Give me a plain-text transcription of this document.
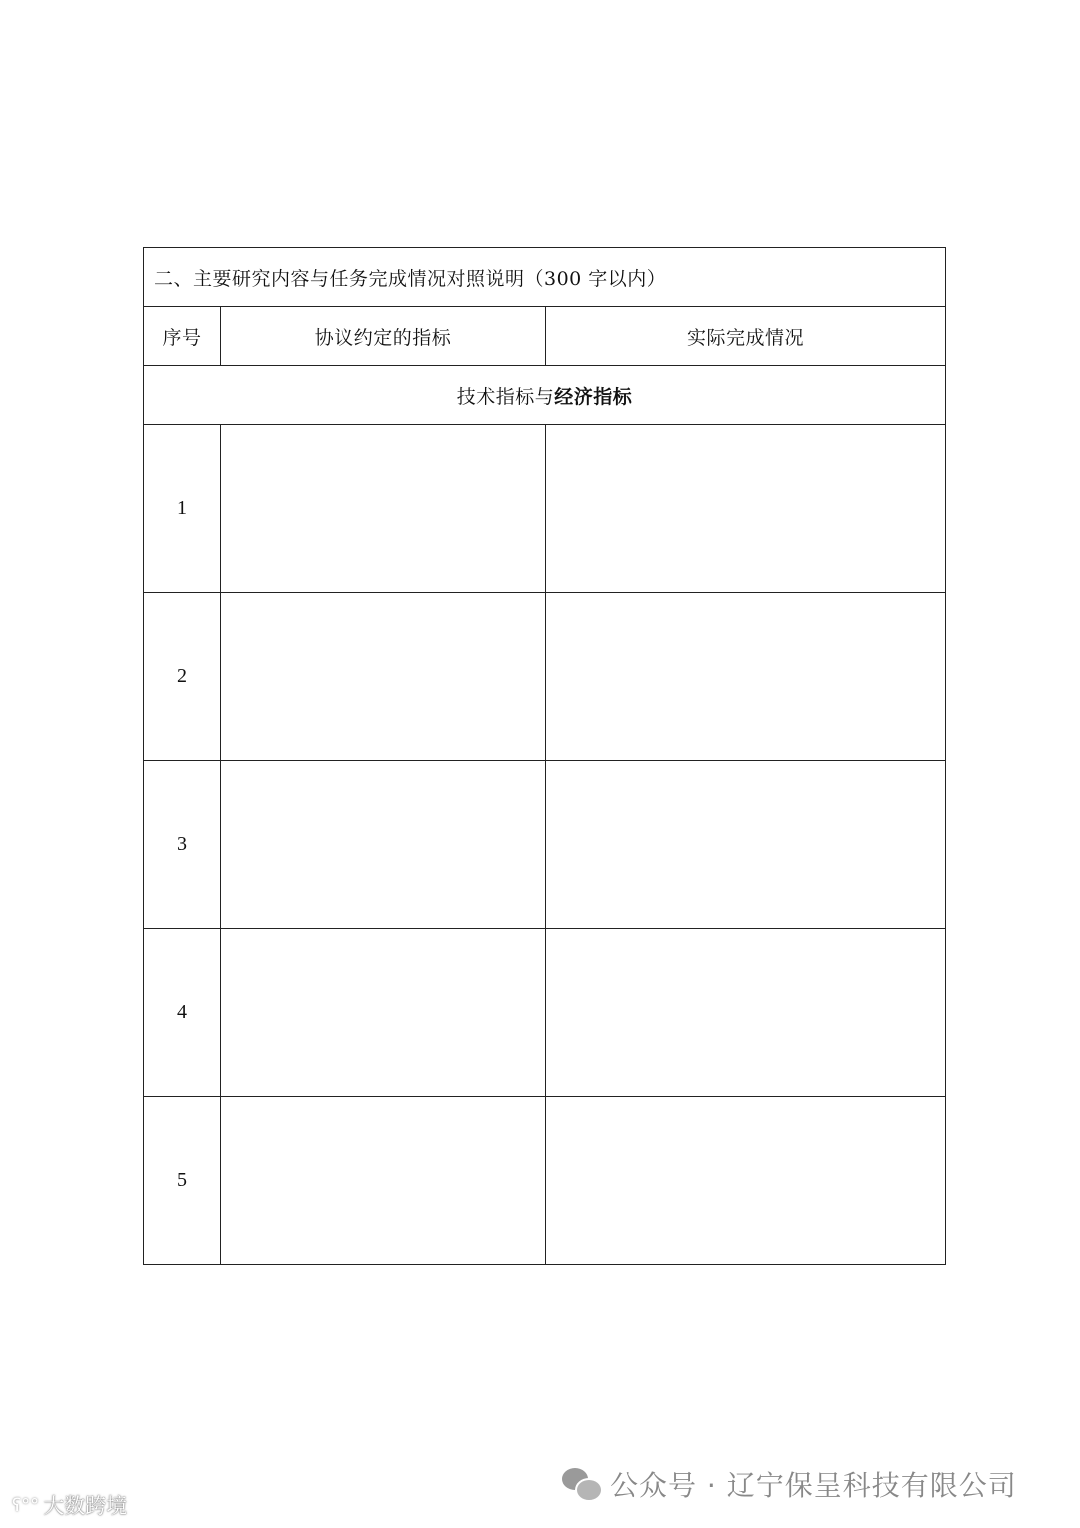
二、主要研究内容与任务完成情况对照说明（300 字以内）		
序号	协议约定的指标	实际完成情况
技术指标与经济指标		
1		
2		
3		
4		
5		
公众号 · 辽宁保呈科技有限公司
ʕ°° 大数跨境
